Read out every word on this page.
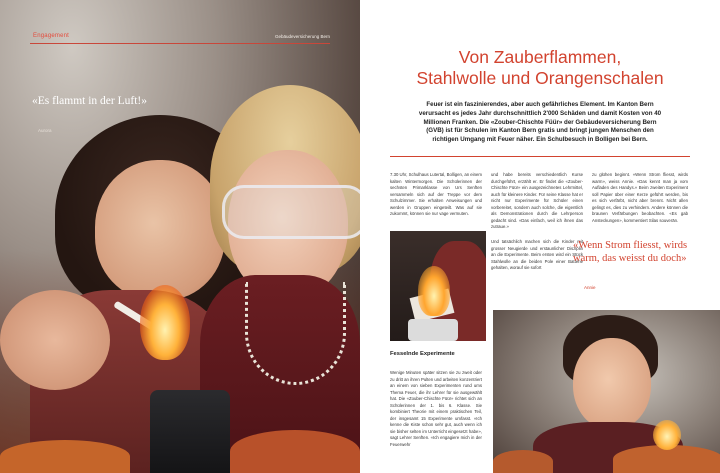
Engagement	Gebäudeversicherung Bern
«Es flammt in der Luft!»
Aurora
Von Zauberflammen,
Stahlwolle und Orangenschalen
Feuer ist ein faszinierendes, aber auch gefährliches Element. Im Kanton Bern verursacht es jedes Jahr durchschnittlich 2'000 Schäden und damit Kosten von 40 Millionen Franken. Die «Zouber-Chischte Füür» der Gebäudeversicherung Bern (GVB) ist für Schulen im Kanton Bern gratis und bringt jungen Menschen den richtigen Umgang mit Feuer näher. Ein Schulbesuch in Bolligen bei Bern.
7.30 Uhr, Schulhaus Lutertal, Bolligen, an einem kalten Wintermorgen. Die Schülerinnen der sechsten Primarklasse von Urs Senften versammeln sich auf der Treppe vor dem Schulzimmer. Sie erhalten Anweisungen und werden in Gruppen eingeteilt. Was auf sie zukommt, können sie nur vage vermuten.
Fesselnde Experimente
Wenige Minuten später sitzen sie zu zweit oder zu dritt an ihren Pulten und arbeiten konzentriert an einem von sieben Experimenten rund ums Thema Feuer, die ihr Lehrer für sie ausgewählt hat. Die «Zouber-Chischte Füür» richtet sich an Schülerinnen der 1. bis 6. Klasse. Sie kombiniert Theorie mit einem praktischen Teil, der insgesamt 15 Experimente umfasst. «Ich kenne die Kiste schon sehr gut, auch wenn ich sie bisher selten im Unterricht eingesetzt habe», sagt Lehrer Senften. «Ich engagiere mich in der Feuerwehr
und habe bereits verschiedentlich Kurse durchgeführt, erzählt er. Er findet die «Zouber-Chischte Füür» ein ausgezeichnetes Lehrmittel, auch für kleinere Kinder. Für seine Klasse hat er nicht nur Experimente für Schüler einen vorbereitet, sondern auch solche, die eigentlich als Demonstrationen durch die Lehrperson gedacht sind. «Das einfach, weil ich ihnen das zutraue.»
Und tatsächlich machen sich die Kinder mit grosser Neugierde und erstaunlicher Disziplin an die Experimente. Beim ersten wird ein Stück Stahlwolle an die beiden Pole einer Batterie gehalten, worauf sie sofort
zu glühen beginnt. «Wenn Strom fliesst, wirds warm», weiss Annie. «Das kennt man ja vom Aufladen des Handys.» Beim zweiten Experiment soll Papier über einer Kerze geführt werden, bis es sich verfärbt, nicht aber brennt. Nicht allen gelingt es, dies zu verhindern. Andere können die braunen Verfärbungen beobachten. «Es gab Ansteckungen», kommentiert Silas souverän.
«Wenn Strom fliesst, wirds warm, das weisst du doch»
Annie
